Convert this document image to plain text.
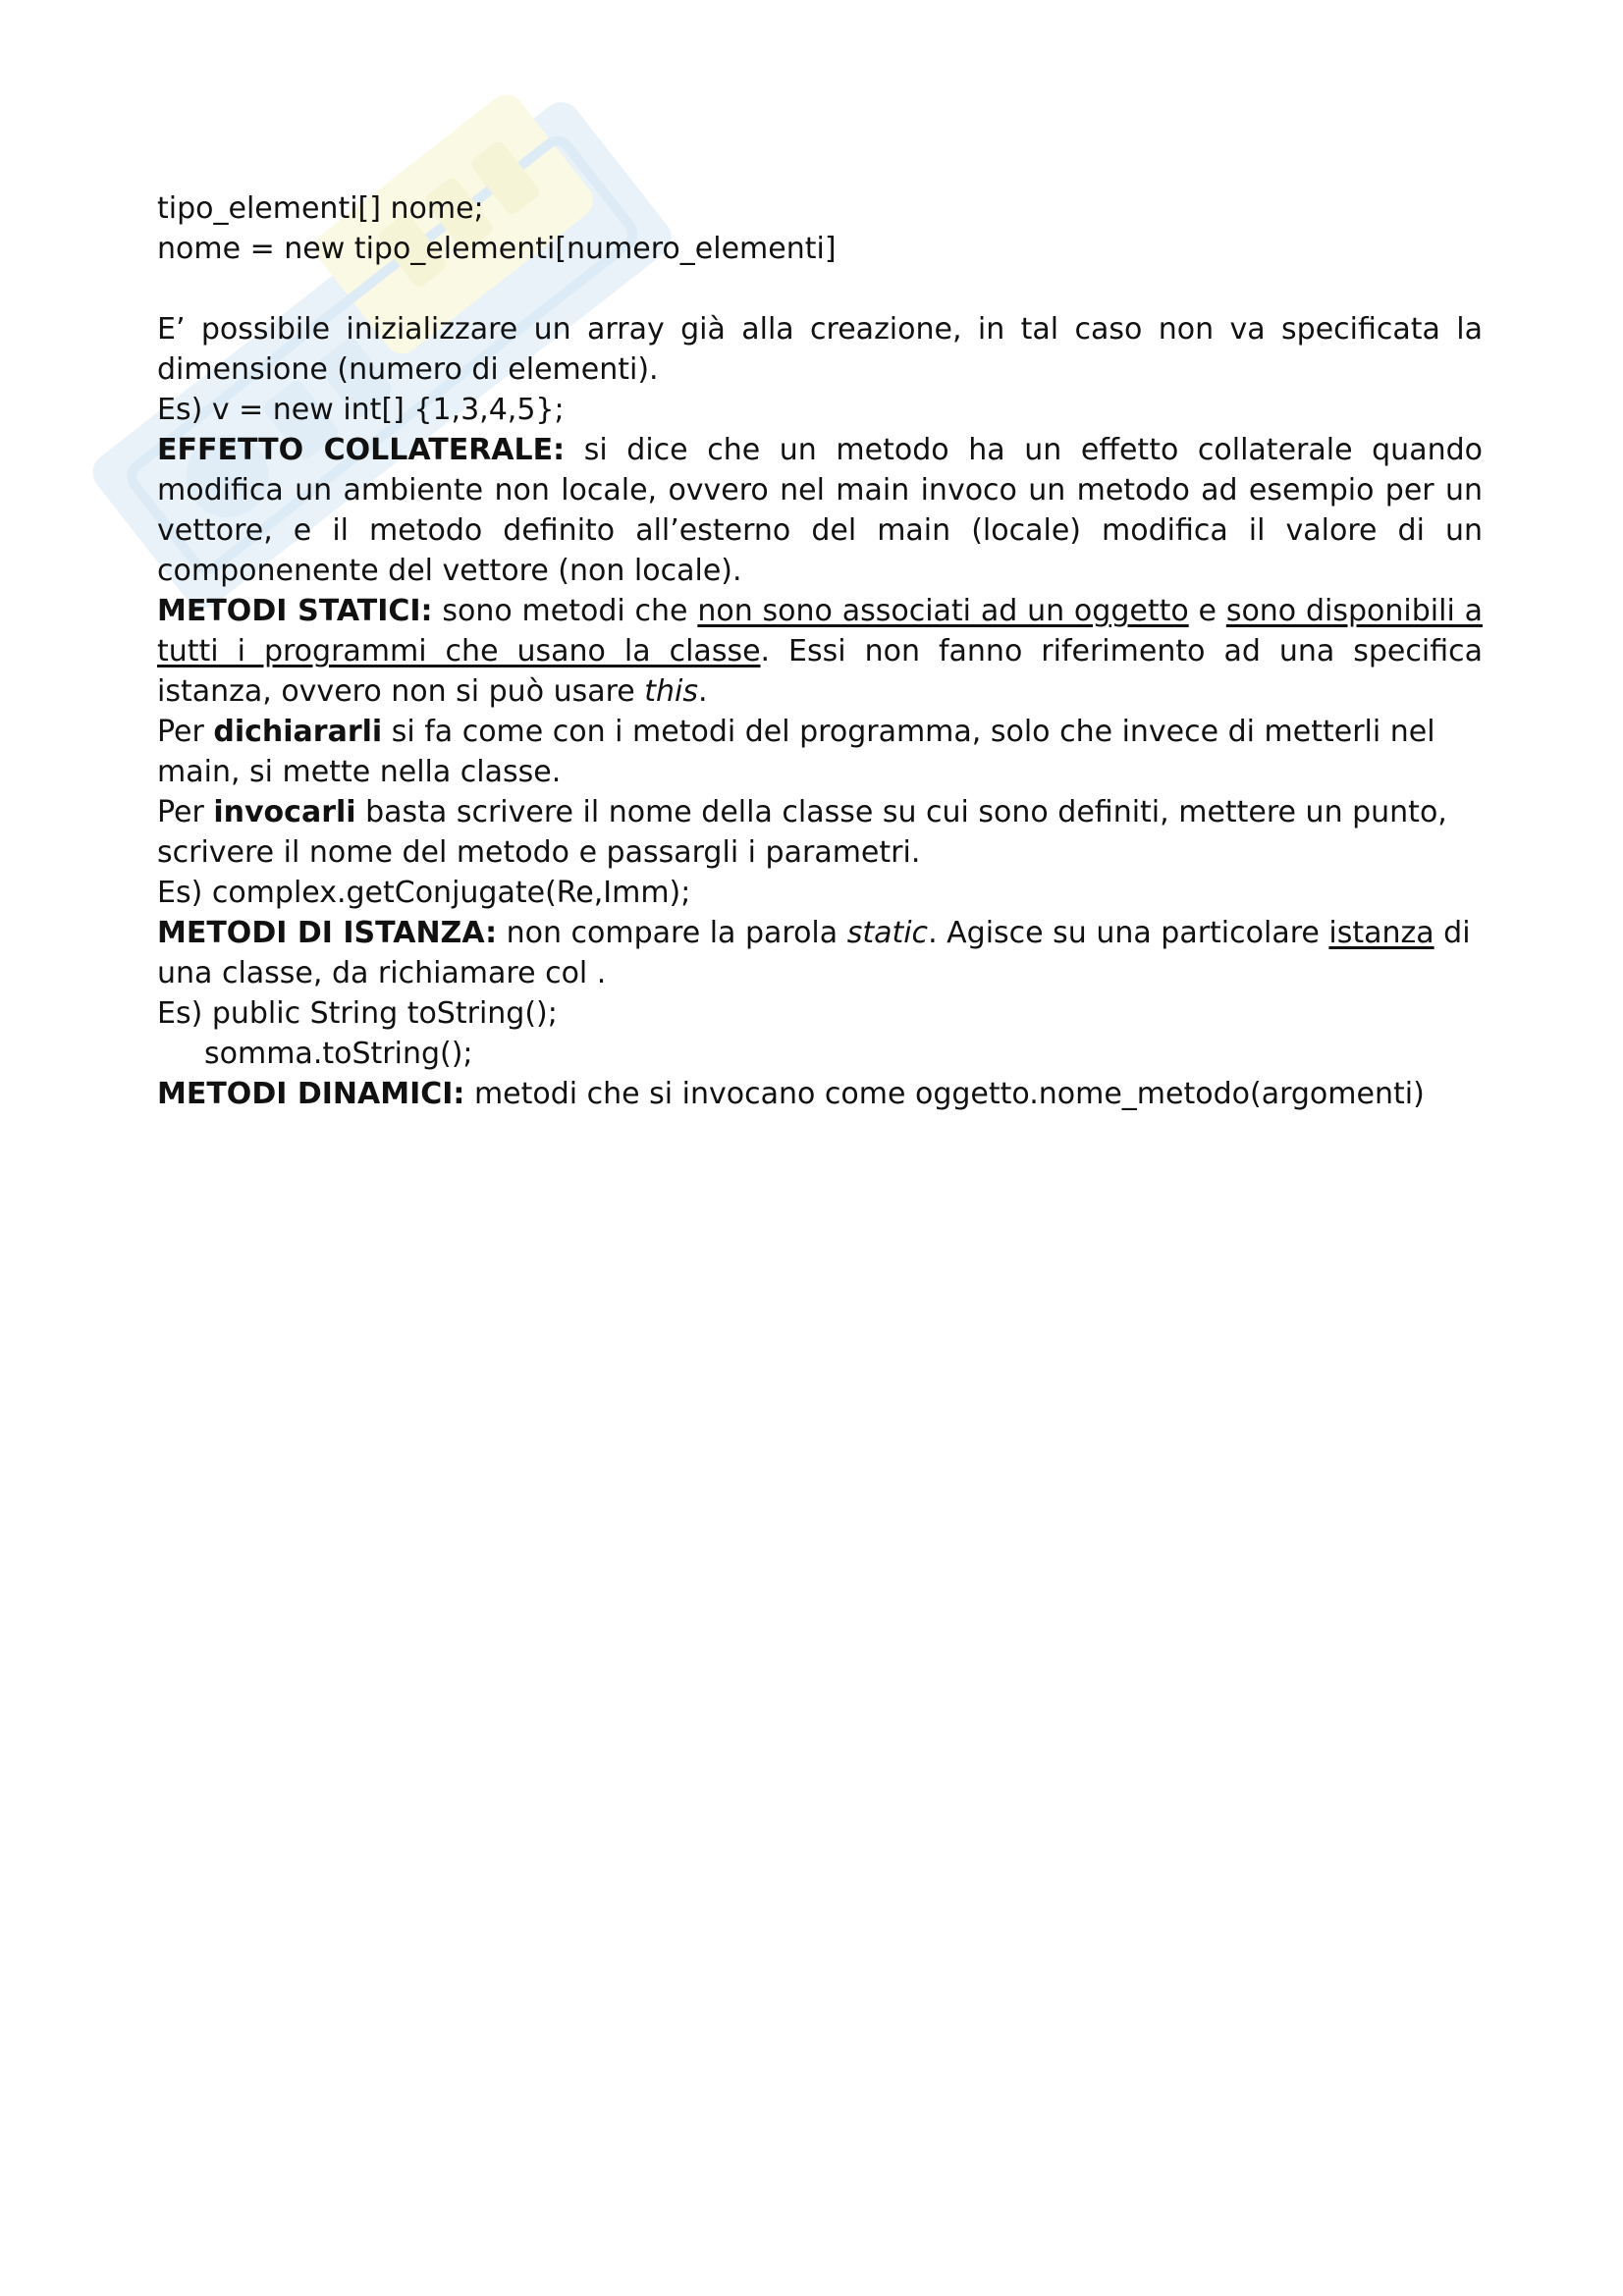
tipo_elementi[] nome;
nome = new tipo_elementi[numero_elementi]

E’ possibile inizializzare un array già alla creazione, in tal caso non va specificata la dimensione (numero di elementi).

Es) v = new int[] {1,3,4,5};

EFFETTO COLLATERALE: si dice che un metodo ha un effetto collaterale quando modifica un ambiente non locale, ovvero nel main invoco un metodo ad esempio per un vettore, e il metodo definito all’esterno del main (locale) modifica il valore di un componenente del vettore (non locale).

METODI STATICI: sono metodi che non sono associati ad un oggetto e sono disponibili a tutti i programmi che usano la classe. Essi non fanno riferimento ad una specifica istanza, ovvero non si può usare this.

Per dichiararli si fa come con i metodi del programma, solo che invece di metterli nel main, si mette nella classe.

Per invocarli basta scrivere il nome della classe su cui sono definiti, mettere un punto, scrivere il nome del metodo e passargli i parametri.

Es) complex.getConjugate(Re,Imm);

METODI DI ISTANZA: non compare la parola static. Agisce su una particolare istanza di una classe, da richiamare col .

Es) public String toString();
somma.toString();

METODI DINAMICI: metodi che si invocano come oggetto.nome_metodo(argomenti)
